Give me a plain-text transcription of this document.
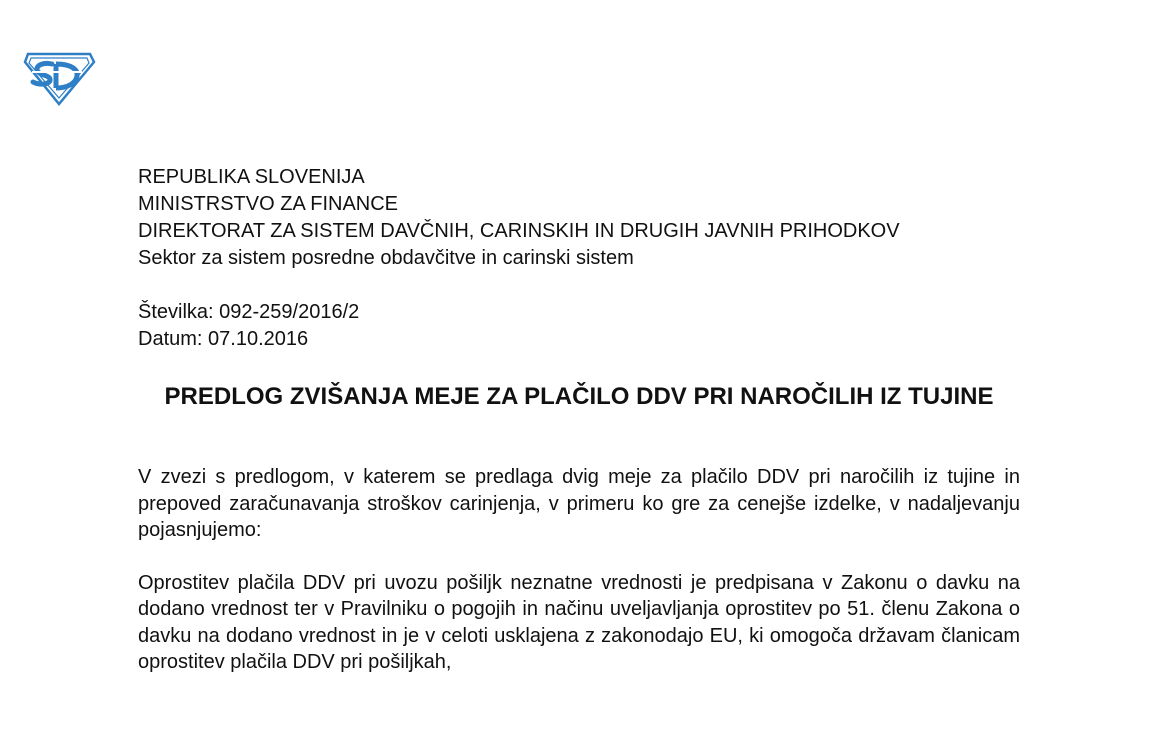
REPUBLIKA SLOVENIJA
MINISTRSTVO ZA FINANCE
DIREKTORAT ZA SISTEM DAVČNIH, CARINSKIH IN DRUGIH JAVNIH PRIHODKOV
Sektor za sistem posredne obdavčitve in carinski sistem
Številka: 092-259/2016/2
Datum: 07.10.2016
PREDLOG ZVIŠANJA MEJE ZA PLAČILO DDV PRI NAROČILIH IZ TUJINE
V zvezi s predlogom, v katerem se predlaga dvig meje za plačilo DDV pri naročilih iz tujine in prepoved zaračunavanja stroškov carinjenja, v primeru ko gre za cenejše izdelke, v nadaljevanju pojasnjujemo:
Oprostitev plačila DDV pri uvozu pošiljk neznatne vrednosti je predpisana v Zakonu o davku na dodano vrednost ter v Pravilniku o pogojih in načinu uveljavljanja oprostitev po 51. členu Zakona o davku na dodano vrednost in je v celoti usklajena z zakonodajo EU, ki omogoča državam članicam oprostitev plačila DDV pri pošiljkah,
